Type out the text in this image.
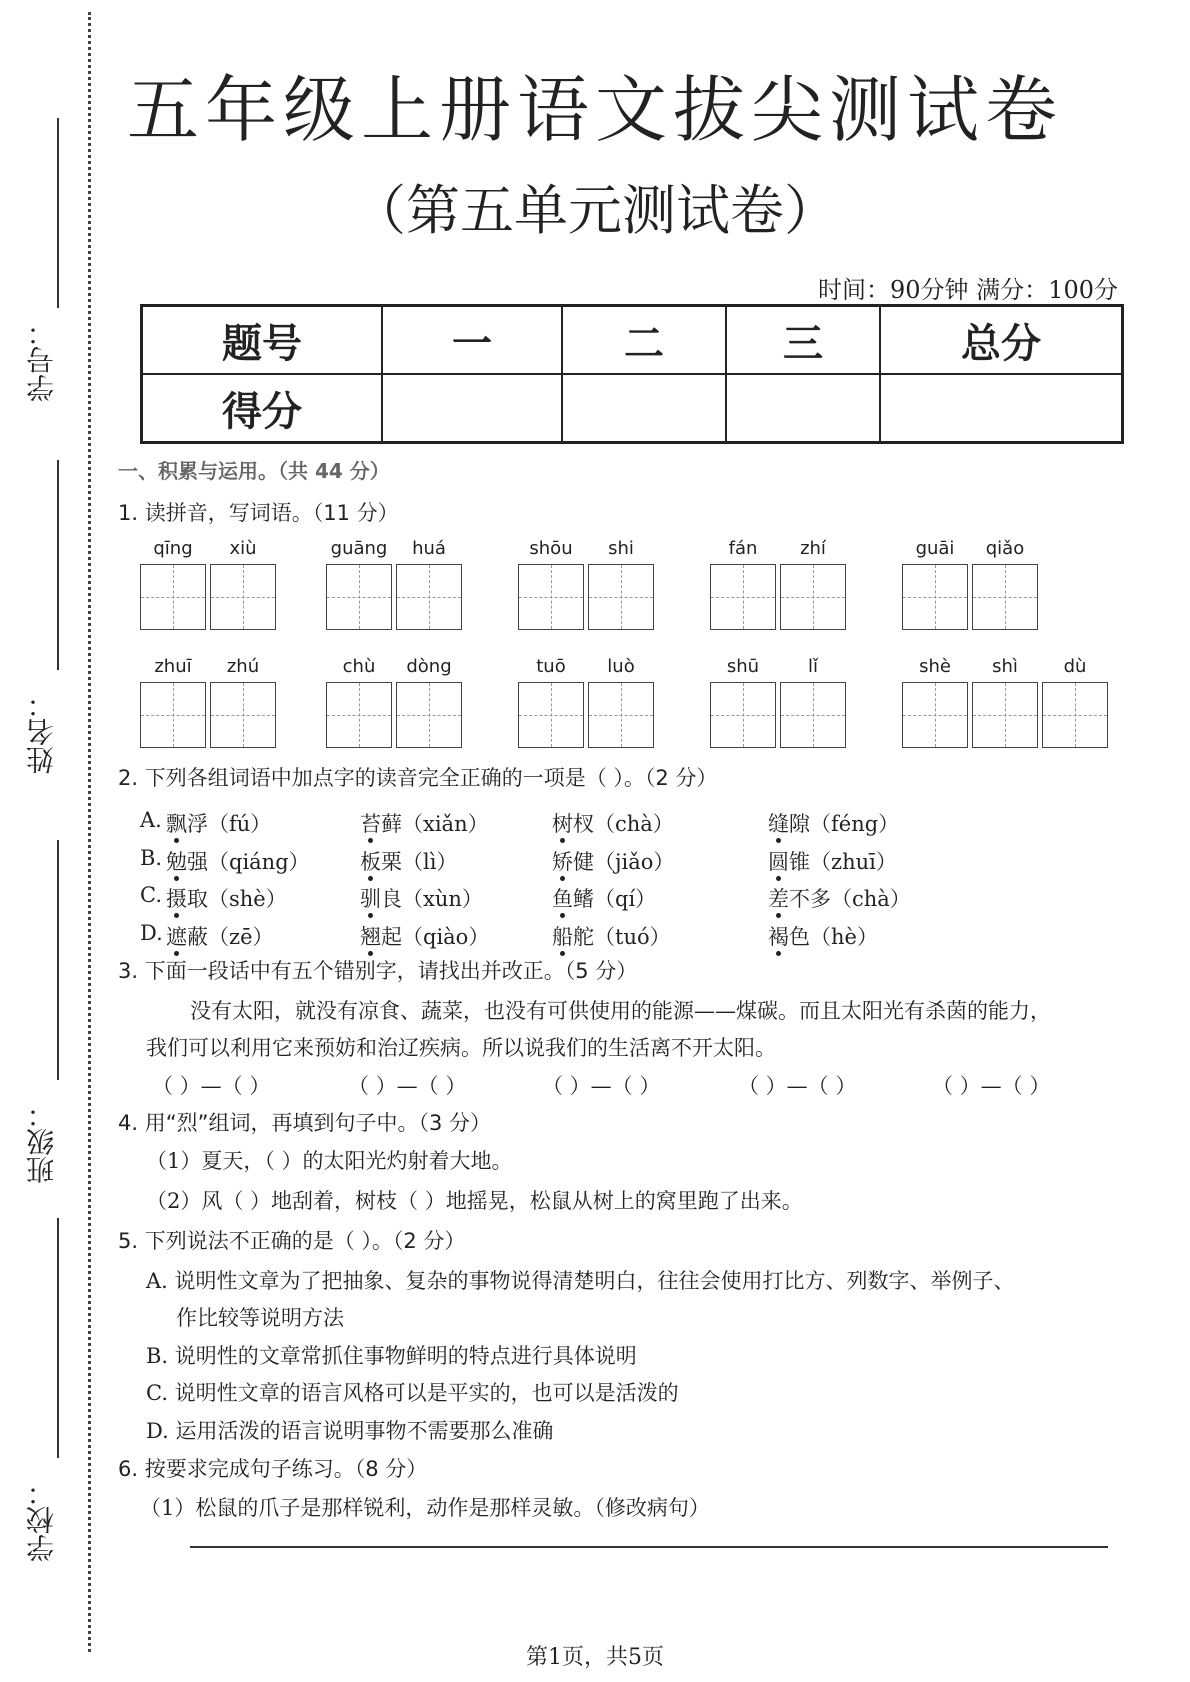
学号：
姓名：
班级：
学校：
五年级上册语文拔尖测试卷
（第五单元测试卷）
时间：90分钟 满分：100分
题号	一	二	三	总分
得分				
一、积累与运用。（共 44 分）
1. 读拼音，写词语。（11 分）
qīng	xiù	guāng	huá	shōu	shi	fán	zhí	guāi	qiǎo
zhuī	zhú	chù	dòng	tuō	luò	shū	lǐ	shè	shì	dù
2. 下列各组词语中加点字的读音完全正确的一项是（ ）。（2 分）
A. 飘浮（fú）	苔藓（xiǎn）	树杈（chà）	缝隙（féng）
B. 勉强（qiáng） 板栗（lì）	矫健（jiǎo）	圆锥（zhuī）
C. 摄取（shè）	驯良（xùn）	鱼鳍（qí）	差不多（chà）
D. 遮蔽（zē）	翘起（qiào）	船舵（tuó）	褐色（hè）
3. 下面一段话中有五个错别字，请找出并改正。（5 分）
没有太阳，就没有凉食、蔬菜，也没有可供使用的能源——煤碳。而且太阳光有杀茵的能力，
我们可以利用它来预妨和治辽疾病。所以说我们的生活离不开太阳。
（ ）—（ ）	（ ）—（ ）	（ ）—（ ）	（ ）—（ ）	（ ）—（ ）
4. 用“烈”组词，再填到句子中。（3 分）
（1）夏天，（ ）的太阳光灼射着大地。
（2）风（ ）地刮着，树枝（ ）地摇晃，松鼠从树上的窝里跑了出来。
5. 下列说法不正确的是（ ）。（2 分）
A. 说明性文章为了把抽象、复杂的事物说得清楚明白，往往会使用打比方、列数字、举例子、
作比较等说明方法
B. 说明性的文章常抓住事物鲜明的特点进行具体说明
C. 说明性文章的语言风格可以是平实的，也可以是活泼的
D. 运用活泼的语言说明事物不需要那么准确
6. 按要求完成句子练习。（8 分）
（1）松鼠的爪子是那样锐利，动作是那样灵敏。（修改病句）
第1页，共5页
